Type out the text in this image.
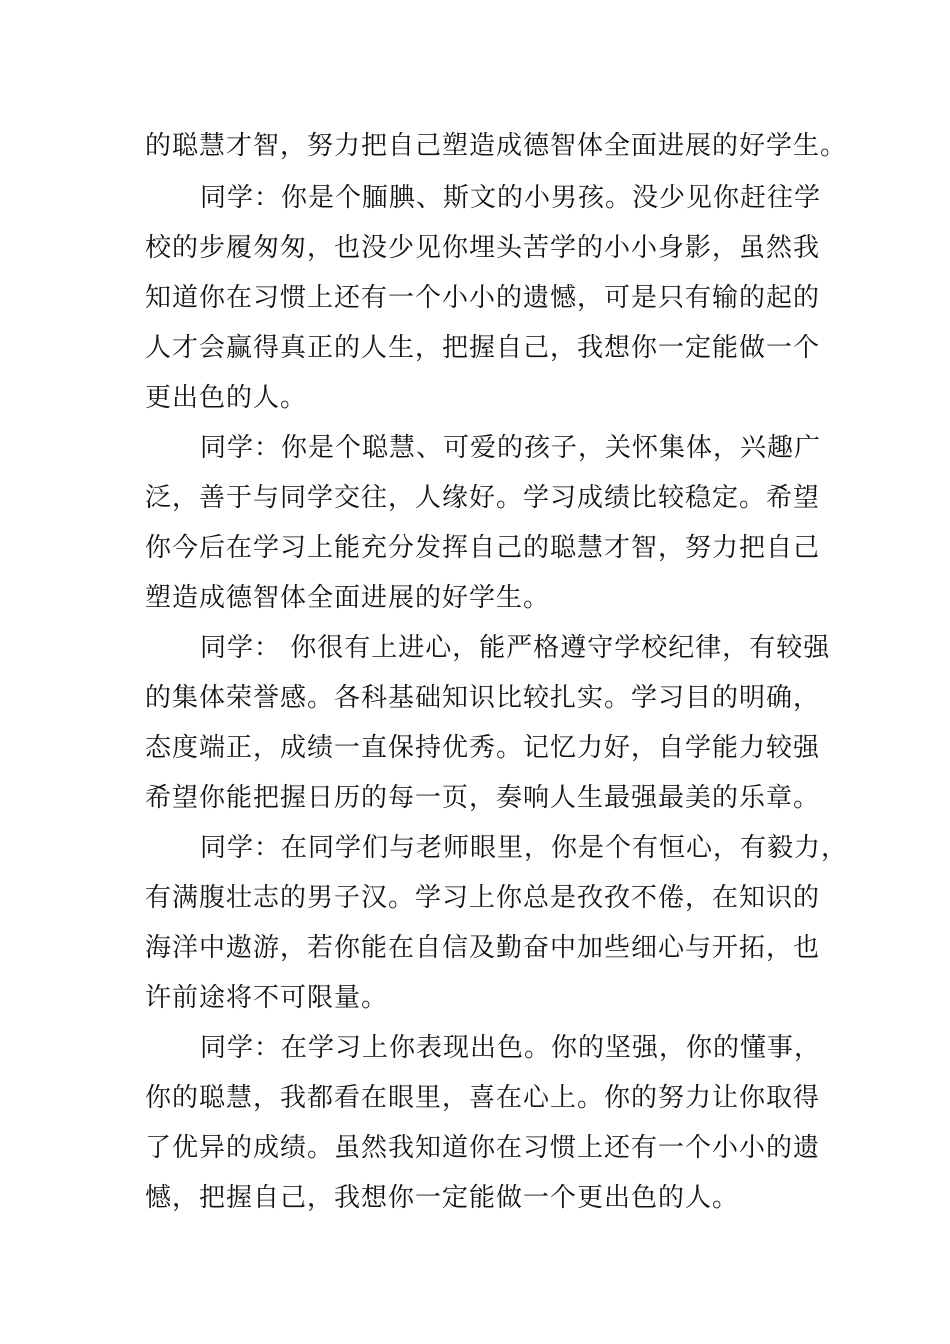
的聪慧才智，努力把自己塑造成德智体全面进展的好学生。
同学：你是个腼腆、斯文的小男孩。没少见你赶往学
校的步履匆匆，也没少见你埋头苦学的小小身影，虽然我
知道你在习惯上还有一个小小的遗憾，可是只有输的起的
人才会赢得真正的人生，把握自己，我想你一定能做一个
更出色的人。
同学：你是个聪慧、可爱的孩子，关怀集体，兴趣广
泛，善于与同学交往，人缘好。学习成绩比较稳定。希望
你今后在学习上能充分发挥自己的聪慧才智，努力把自己
塑造成德智体全面进展的好学生。
同学： 你很有上进心，能严格遵守学校纪律，有较强
的集体荣誉感。各科基础知识比较扎实。学习目的明确，
态度端正，成绩一直保持优秀。记忆力好，自学能力较强
希望你能把握日历的每一页，奏响人生最强最美的乐章。
同学：在同学们与老师眼里，你是个有恒心，有毅力，
有满腹壮志的男子汉。学习上你总是孜孜不倦，在知识的
海洋中遨游，若你能在自信及勤奋中加些细心与开拓，也
许前途将不可限量。
同学：在学习上你表现出色。你的坚强，你的懂事，
你的聪慧，我都看在眼里，喜在心上。你的努力让你取得
了优异的成绩。虽然我知道你在习惯上还有一个小小的遗
憾，把握自己，我想你一定能做一个更出色的人。
